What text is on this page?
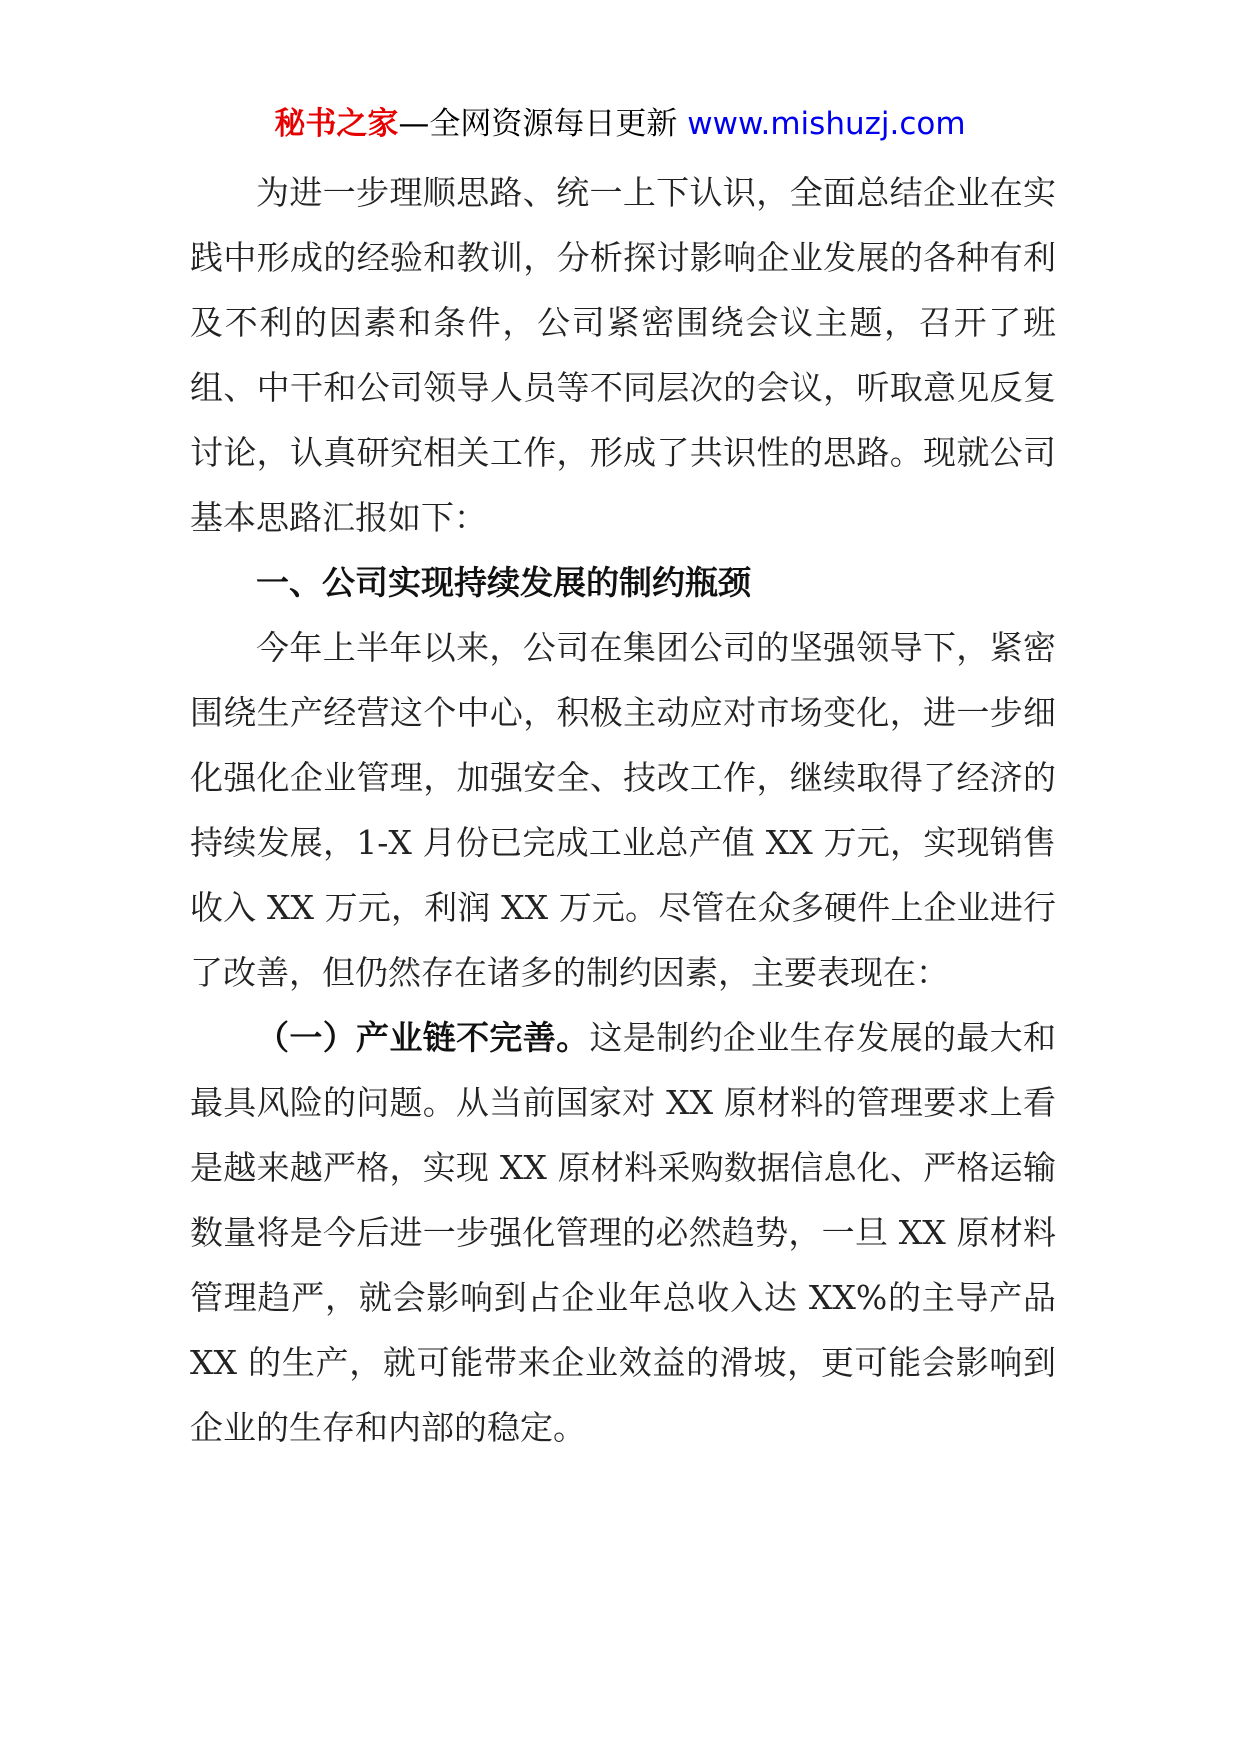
秘书之家—全网资源每日更新 www.mishuzj.com

为进一步理顺思路、统一上下认识，全面总结企业在实践中形成的经验和教训，分析探讨影响企业发展的各种有利及不利的因素和条件，公司紧密围绕会议主题，召开了班组、中干和公司领导人员等不同层次的会议，听取意见反复讨论，认真研究相关工作，形成了共识性的思路。现就公司基本思路汇报如下：

一、公司实现持续发展的制约瓶颈

今年上半年以来，公司在集团公司的坚强领导下，紧密围绕生产经营这个中心，积极主动应对市场变化，进一步细化强化企业管理，加强安全、技改工作，继续取得了经济的持续发展，1-X 月份已完成工业总产值 XX 万元，实现销售收入 XX 万元，利润 XX 万元。尽管在众多硬件上企业进行了改善，但仍然存在诸多的制约因素，主要表现在：

（一）产业链不完善。这是制约企业生存发展的最大和最具风险的问题。从当前国家对 XX 原材料的管理要求上看是越来越严格，实现 XX 原材料采购数据信息化、严格运输数量将是今后进一步强化管理的必然趋势，一旦 XX 原材料管理趋严，就会影响到占企业年总收入达 XX%的主导产品 XX 的生产，就可能带来企业效益的滑坡，更可能会影响到企业的生存和内部的稳定。
